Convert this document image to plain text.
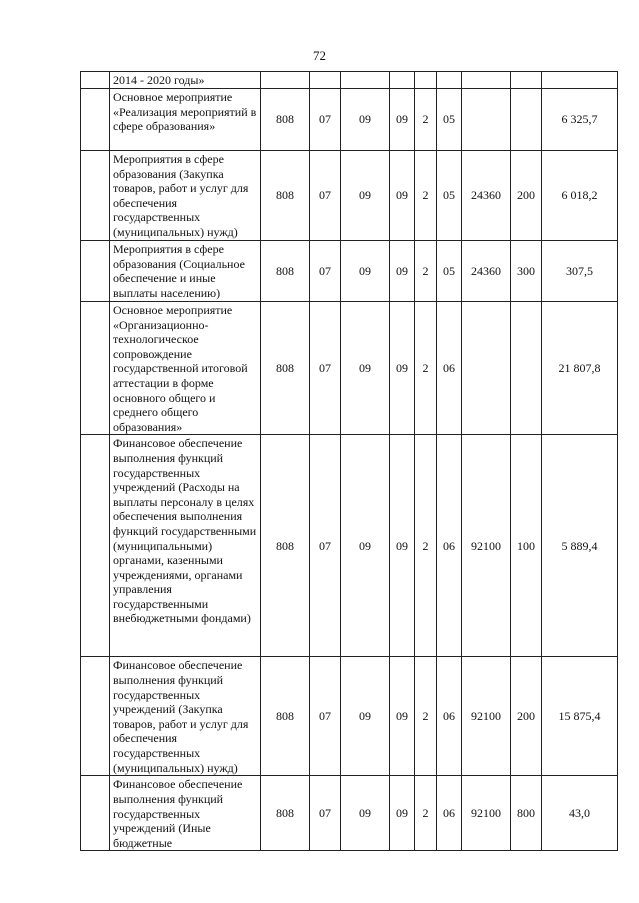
72
	2014 - 2020 годы»									
	Основное мероприятие «Реализация мероприятий в сфере образования»	808	07	09	09	2	05			6 325,7
	Мероприятия в сфере образования (Закупка товаров, работ и услуг для обеспечения государственных (муниципальных) нужд)	808	07	09	09	2	05	24360	200	6 018,2
	Мероприятия в сфере образования (Социальное обеспечение и иные выплаты населению)	808	07	09	09	2	05	24360	300	307,5
	Основное мероприятие «Организационно-технологическое сопровождение государственной итоговой аттестации в форме основного общего и среднего общего образования»	808	07	09	09	2	06			21 807,8
	Финансовое обеспечение выполнения функций государственных учреждений (Расходы на выплаты персоналу в целях обеспечения выполнения функций государственными (муниципальными) органами, казенными учреждениями, органами управления государственными внебюджетными фондами)	808	07	09	09	2	06	92100	100	5 889,4
	Финансовое обеспечение выполнения функций государственных учреждений (Закупка товаров, работ и услуг для обеспечения государственных (муниципальных) нужд)	808	07	09	09	2	06	92100	200	15 875,4
	Финансовое обеспечение выполнения функций государственных учреждений (Иные бюджетные	808	07	09	09	2	06	92100	800	43,0
